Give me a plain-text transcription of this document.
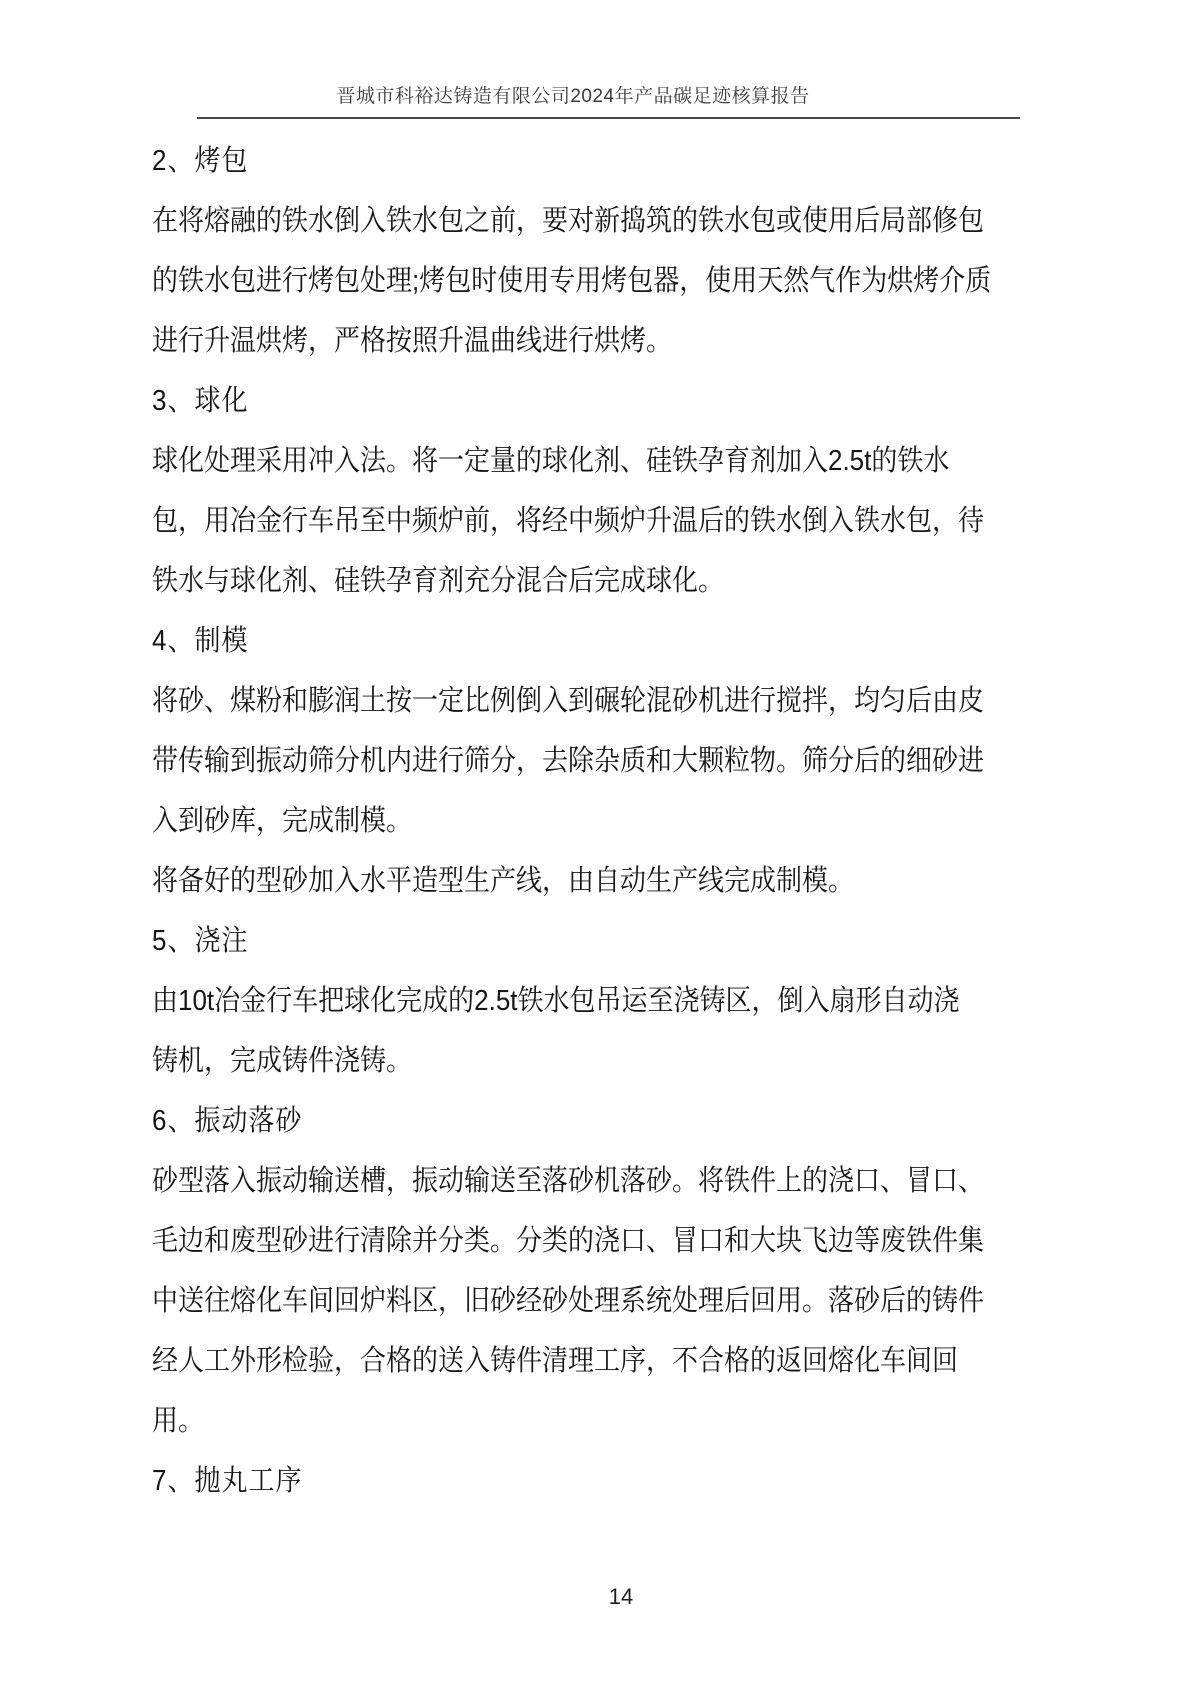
晋城市科裕达铸造有限公司2024年产品碳足迹核算报告
2、烤包
在将熔融的铁水倒入铁水包之前，要对新捣筑的铁水包或使用后局部修包
的铁水包进行烤包处理;烤包时使用专用烤包器，使用天然气作为烘烤介质
进行升温烘烤，严格按照升温曲线进行烘烤。
3、球化
球化处理采用冲入法。将一定量的球化剂、硅铁孕育剂加入2.5t的铁水
包，用冶金行车吊至中频炉前，将经中频炉升温后的铁水倒入铁水包，待
铁水与球化剂、硅铁孕育剂充分混合后完成球化。
4、制模
将砂、煤粉和膨润土按一定比例倒入到碾轮混砂机进行搅拌，均匀后由皮
带传输到振动筛分机内进行筛分，去除杂质和大颗粒物。筛分后的细砂进
入到砂库，完成制模。
将备好的型砂加入水平造型生产线，由自动生产线完成制模。
5、浇注
由10t冶金行车把球化完成的2.5t铁水包吊运至浇铸区，倒入扇形自动浇
铸机，完成铸件浇铸。
6、振动落砂
砂型落入振动输送槽，振动输送至落砂机落砂。将铁件上的浇口、冒口、
毛边和废型砂进行清除并分类。分类的浇口、冒口和大块飞边等废铁件集
中送往熔化车间回炉料区，旧砂经砂处理系统处理后回用。落砂后的铸件
经人工外形检验，合格的送入铸件清理工序，不合格的返回熔化车间回
用。
7、抛丸工序
14
